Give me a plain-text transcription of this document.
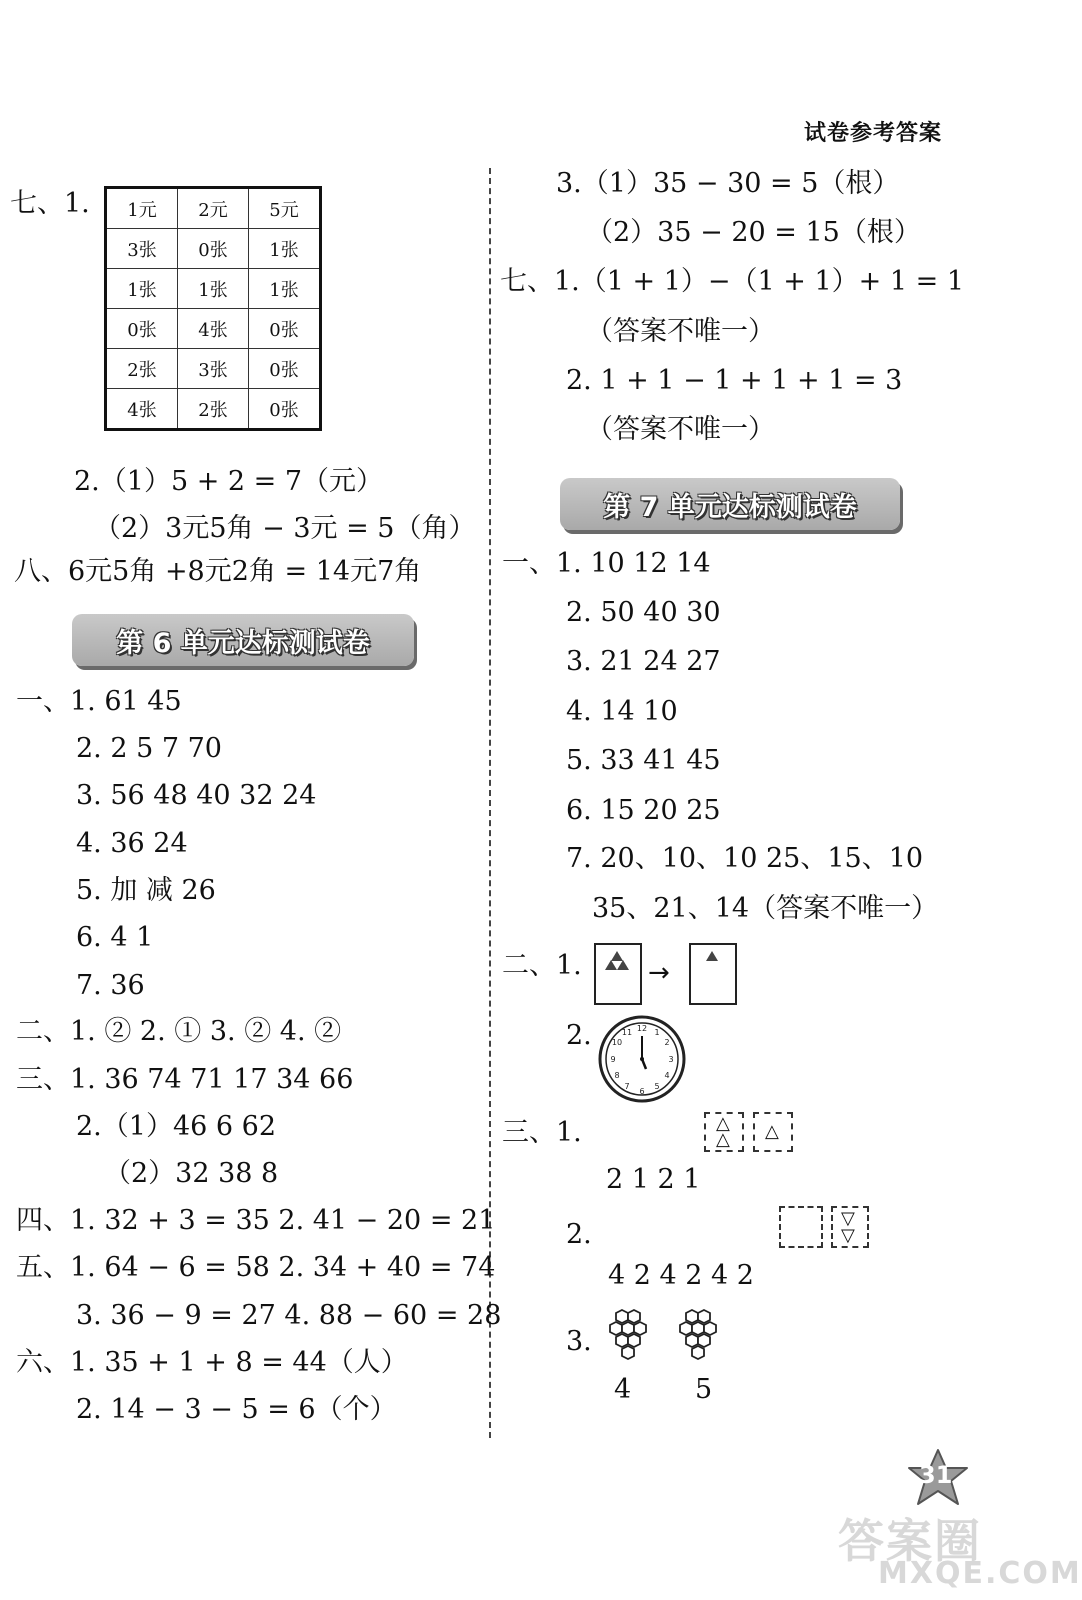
试卷参考答案
七、1. 1元	2元	5元
3张	0张	1张
1张	1张	1张
0张	4张	0张
2张	3张	0张
4张	2张	0张
2.（1）5 + 2 = 7（元）
（2）3元5角 − 3元 = 5（角）
八、6元5角 +8元2角 = 14元7角
第 6 单元达标测试卷
一、1. 61 45
2. 2 5 7 70
3. 56 48 40 32 24
4. 36 24
5. 加 减 26
6. 4 1
7. 36
二、1. ② 2. ① 3. ② 4. ②
三、1. 36 74 71 17 34 66
2.（1）46 6 62
（2）32 38 8
四、1. 32 + 3 = 35 2. 41 − 20 = 21
五、1. 64 − 6 = 58 2. 34 + 40 = 74
3. 36 − 9 = 27 4. 88 − 60 = 28
六、1. 35 + 1 + 8 = 44（人）
2. 14 − 3 − 5 = 6（个）
3.（1）35 − 30 = 5（根）
（2）35 − 20 = 15（根）
七、1.（1 + 1）−（1 + 1）+ 1 = 1
（答案不唯一）
2. 1 + 1 − 1 + 1 + 1 = 3
（答案不唯一）
第 7 单元达标测试卷
一、1. 10 12 14
2. 50 40 30
3. 21 24 27
4. 14 10
5. 33 41 45
6. 15 20 25
7. 20、10、10 25、15、10
35、21、14（答案不唯一）
二、1.	→
2.	12 1
2
3
4
5
6
7
8
9
10
11
三、1.	△
△ △
2 1 2 1
2.
▽
▽
4 2 4 2 4 2
3.
4 5
31
答案圈
MXQE.COM
